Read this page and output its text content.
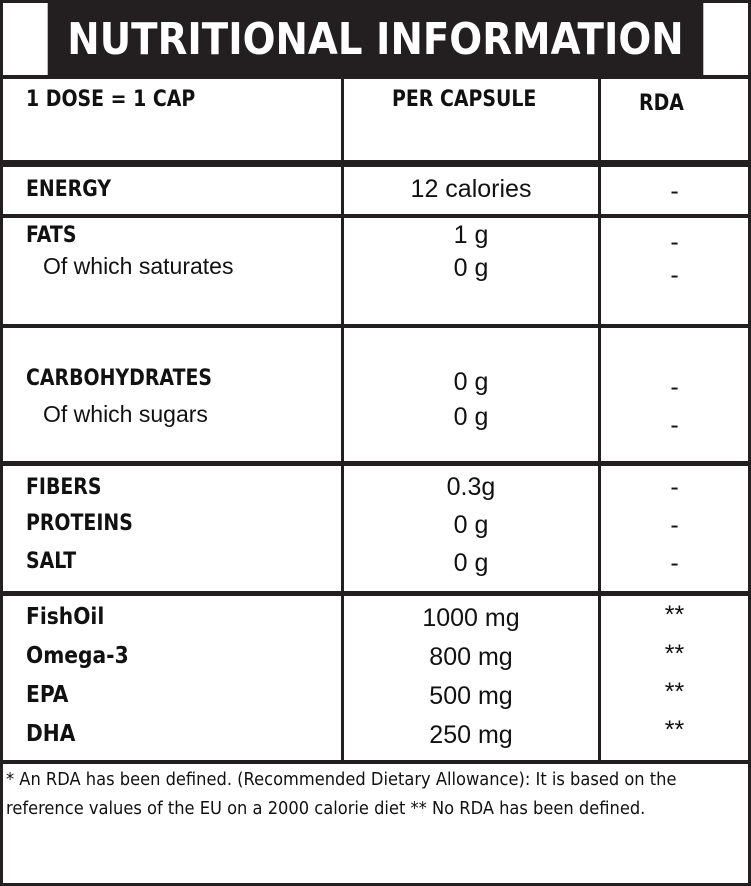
NUTRITIONAL INFORMATION
1 DOSE = 1 CAP	PER CAPSULE	RDA
ENERGY	12 calories	-
FATS	1 g	-
Of which saturates	0 g	-
CARBOHYDRATES	0 g	-
Of which sugars	0 g	-
FIBERS	0.3g	-
PROTEINS	0 g	-
SALT	0 g	-
FishOil	1000 mg	**
Omega-3	800 mg	**
EPA	500 mg	**
DHA	250 mg	**
* An RDA has been defined. (Recommended Dietary Allowance): It is based on the reference values of the EU on a 2000 calorie diet ** No RDA has been defined.
